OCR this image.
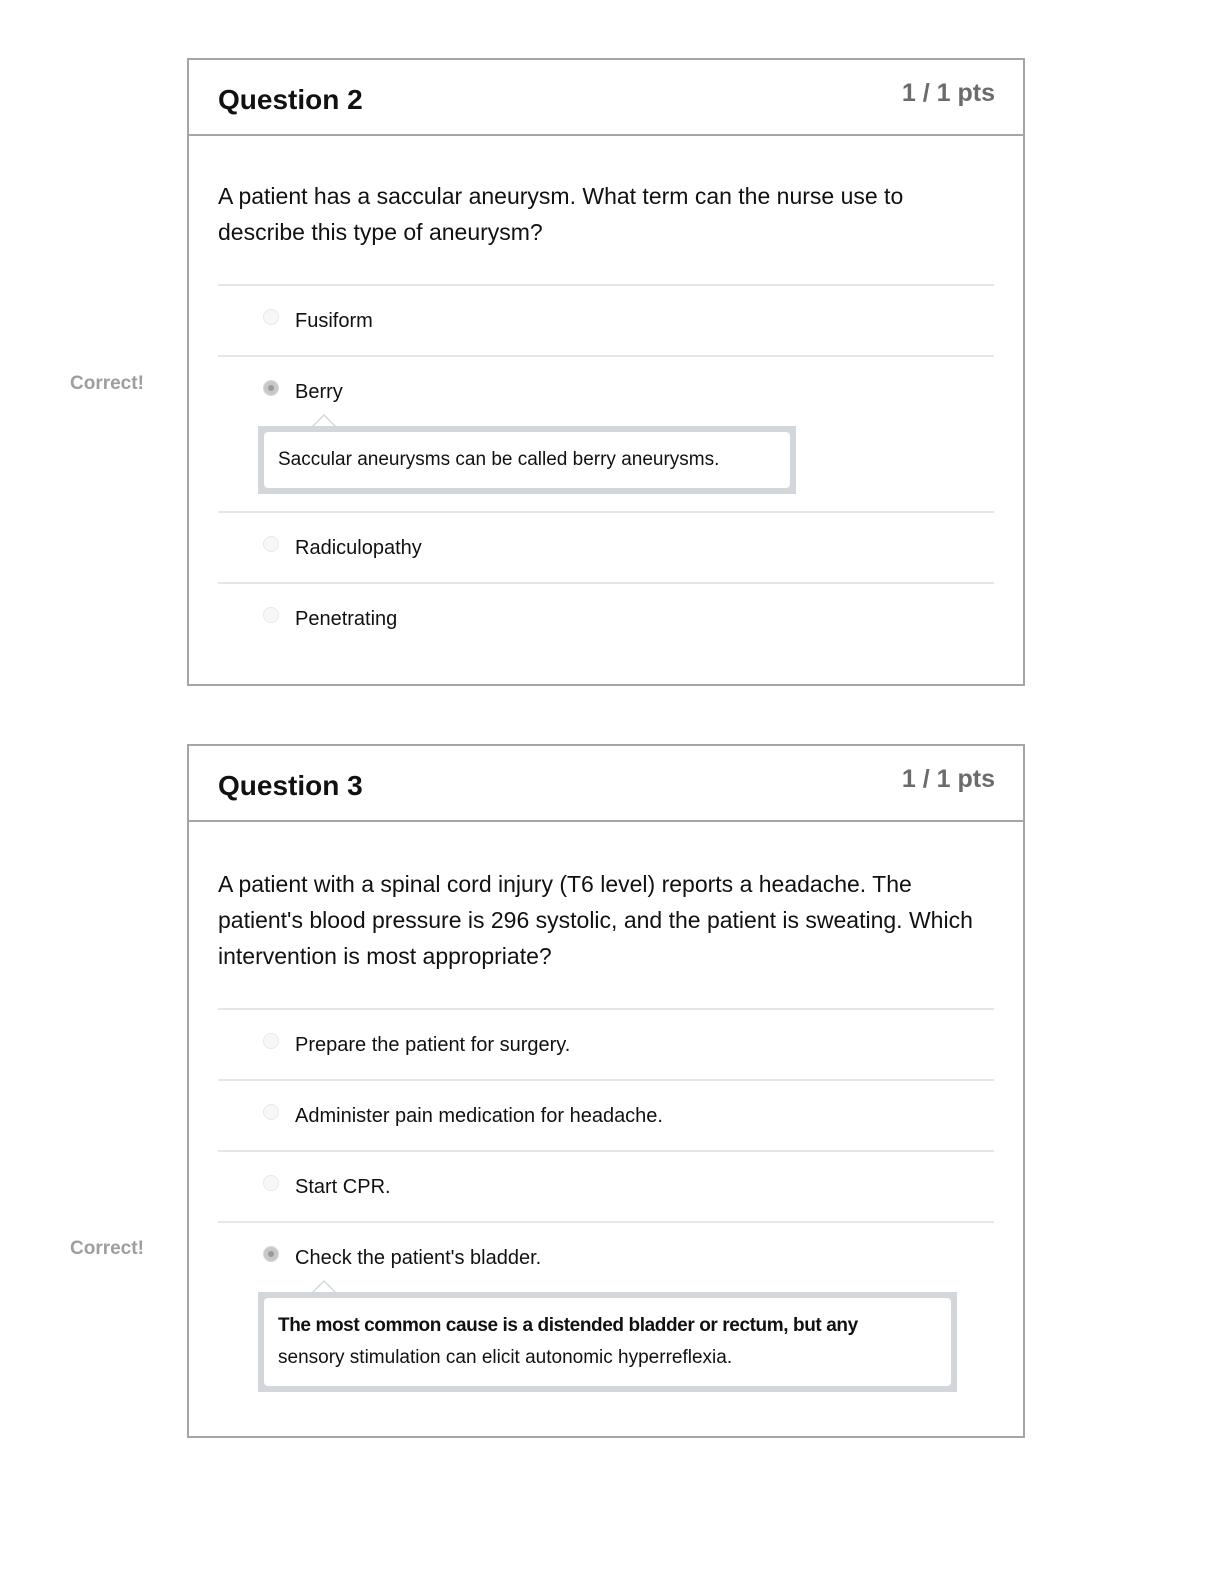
Correct!
Correct!
Question 2	1 / 1 pts

A patient has a saccular aneurysm. What term can the nurse use to describe this type of aneurysm?

Fusiform
Berry
Saccular aneurysms can be called berry aneurysms.
Radiculopathy
Penetrating
Question 3	1 / 1 pts

A patient with a spinal cord injury (T6 level) reports a headache. The patient's blood pressure is 296 systolic, and the patient is sweating. Which intervention is most appropriate?

Prepare the patient for surgery.
Administer pain medication for headache.
Start CPR.
Check the patient's bladder.
The most common cause is a distended bladder or rectum, but any
sensory stimulation can elicit autonomic hyperreflexia.
